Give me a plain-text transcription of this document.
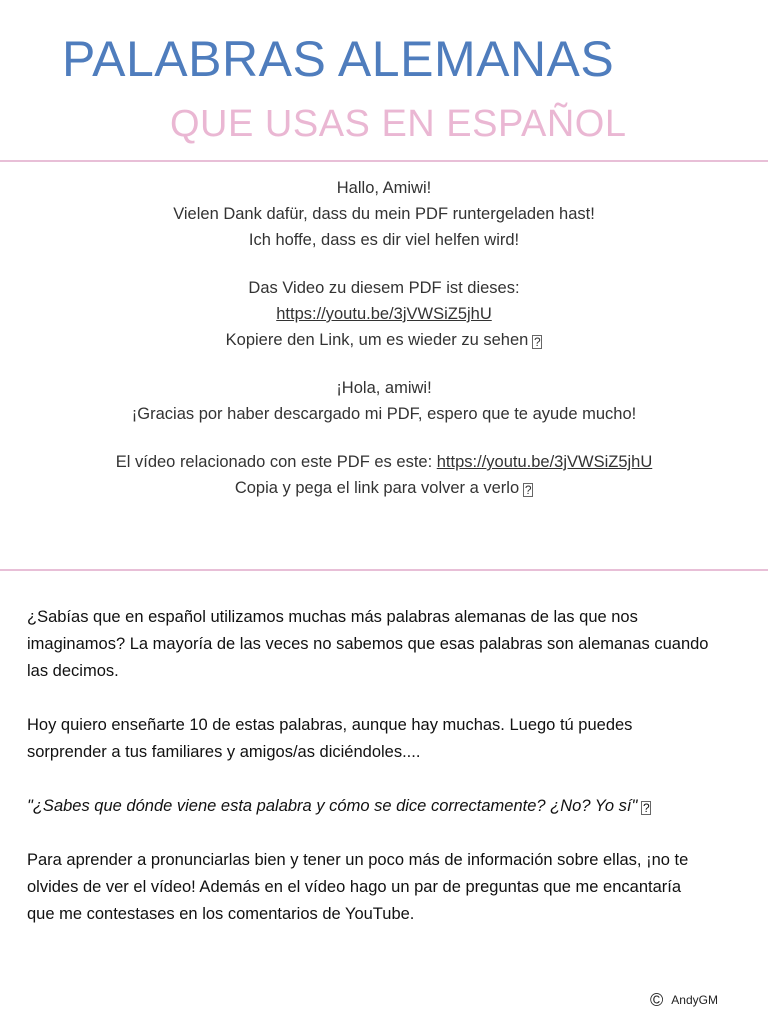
PALABRAS ALEMANAS
QUE USAS EN ESPAÑOL

Hallo, Amiwi!
Vielen Dank dafür, dass du mein PDF runtergeladen hast!
Ich hoffe, dass es dir viel helfen wird!

Das Video zu diesem PDF ist dieses:
https://youtu.be/3jVWSiZ5jhU
Kopiere den Link, um es wieder zu sehen ?

¡Hola, amiwi!
¡Gracias por haber descargado mi PDF, espero que te ayude mucho!

El vídeo relacionado con este PDF es este: https://youtu.be/3jVWSiZ5jhU
Copia y pega el link para volver a verlo ?

¿Sabías que en español utilizamos muchas más palabras alemanas de las que nos
imaginamos? La mayoría de las veces no sabemos que esas palabras son alemanas cuando
las decimos.

Hoy quiero enseñarte 10 de estas palabras, aunque hay muchas. Luego tú puedes
sorprender a tus familiares y amigos/as diciéndoles....

"¿Sabes que dónde viene esta palabra y cómo se dice correctamente? ¿No? Yo sí" ?

Para aprender a pronunciarlas bien y tener un poco más de información sobre ellas, ¡no te
olvides de ver el vídeo! Además en el vídeo hago un par de preguntas que me encantaría
que me contestases en los comentarios de YouTube.

© AndyGM
